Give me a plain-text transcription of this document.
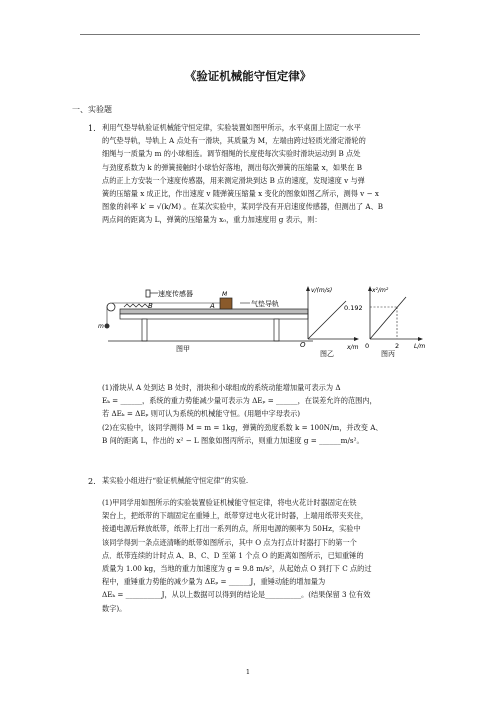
《验证机械能守恒定律》
一、实验题
1. 利用气垫导轨验证机械能守恒定律，实验装置如图甲所示，水平桌面上固定一水平
的气垫导轨，导轨上 A 点处有一滑块，其质量为 M，左端由跨过轻质光滑定滑轮的
细绳与一质量为 m 的小球相连。调节细绳的长度使每次实验时滑块运动到 B 点处
与劲度系数为 k 的弹簧接触时小球恰好落地，测出每次弹簧的压缩量 x，如果在 B
点的正上方安装一个速度传感器，用来测定滑块到达 B 点的速度，发现速度 v 与弹
簧的压缩量 x 成正比，作出速度 v 随弹簧压缩量 x 变化的图象如图乙所示，测得 v − x
图象的斜率 k′ = √(k/M) 。在某次实验中，某同学没有开启速度传感器，但测出了 A、B
两点间的距离为 L，弹簧的压缩量为 x₀，重力加速度用 g 表示，则：
速度传感器
B	A
M
m
气垫导轨
图甲
v/(m/s)
x/m
O
图乙
x²/m²
0.192
2
0	L/m
图丙
(1)滑块从 A 处到达 B 处时，滑块和小球组成的系统动能增加量可表示为 Δ
Eₖ = ______，系统的重力势能减少量可表示为 ΔEₚ = ______，在误差允许的范围内，
若 ΔEₖ = ΔEₚ 则可认为系统的机械能守恒。(用题中字母表示)
(2)在实验中，该同学测得 M = m = 1kg，弹簧的劲度系数 k = 100N/m，并改变 A、
B 间的距离 L，作出的 x² − L 图象如图丙所示，则重力加速度 g = ______m/s²。
2. 某实验小组进行“验证机械能守恒定律”的实验.
(1)甲同学用如图所示的实验装置验证机械能守恒定律，将电火花计时器固定在铁
架台上，把纸带的下端固定在重锤上，纸带穿过电火花计时器，上端用纸带夹夹住，
接通电源后释放纸带，纸带上打出一系列的点，所用电源的频率为 50Hz，实验中
该同学得到一条点迹清晰的纸带如图所示，其中 O 点为打点计时器打下的第一个
点．纸带连续的计时点 A、B、C、D 至第 1 个点 O 的距离如图所示，已知重锤的
质量为 1.00 kg，当地的重力加速度为 g = 9.8 m/s²，从起始点 O 到打下 C 点的过
程中，重锤重力势能的减少量为 ΔEₚ = ______J，重锤动能的增加量为
ΔEₖ = __________J，从以上数据可以得到的结论是__________。(结果保留 3 位有效
数字)。
1
